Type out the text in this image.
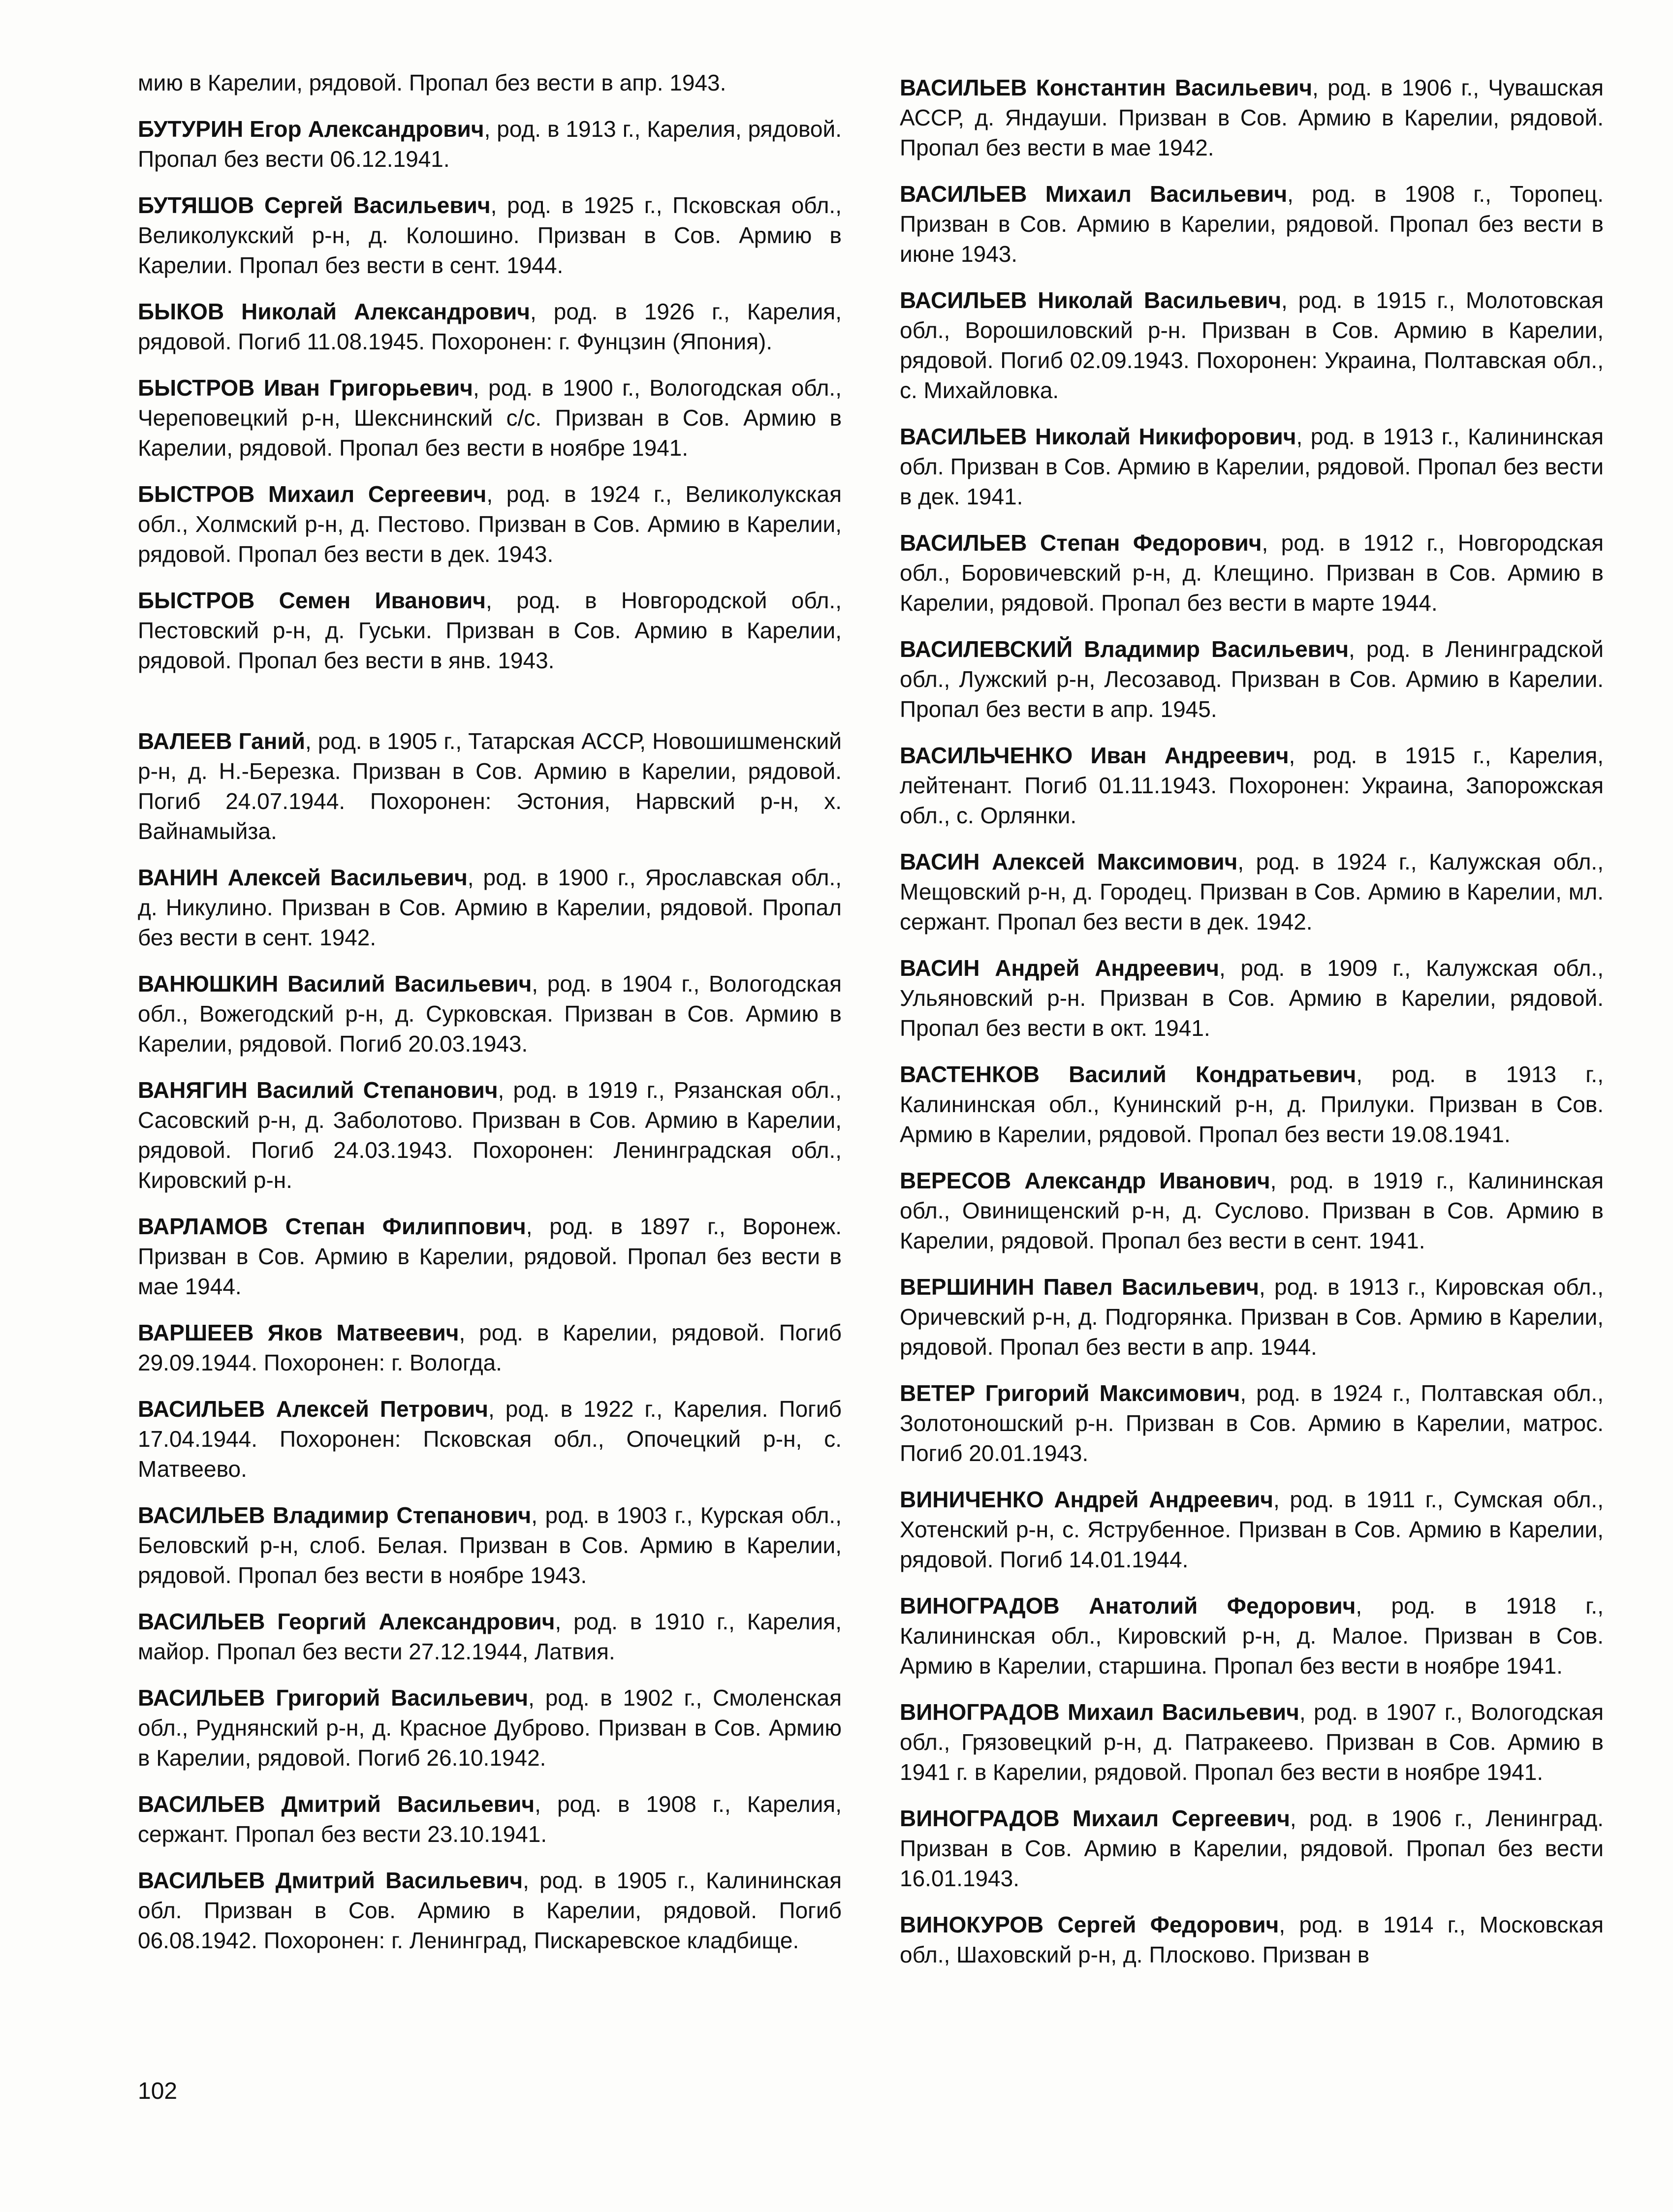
мию в Карелии, рядовой. Пропал без вести в апр. 1943.
БУТУРИН Егор Александрович, род. в 1913 г., Карелия, рядовой. Пропал без вести 06.12.1941.
БУТЯШОВ Сергей Васильевич, род. в 1925 г., Псковская обл., Великолукский р-н, д. Колошино. Призван в Сов. Армию в Карелии. Пропал без вести в сент. 1944.
БЫКОВ Николай Александрович, род. в 1926 г., Карелия, рядовой. Погиб 11.08.1945. Похоронен: г. Фунцзин (Япония).
БЫСТРОВ Иван Григорьевич, род. в 1900 г., Вологодская обл., Череповецкий р-н, Шекснинский с/с. Призван в Сов. Армию в Карелии, рядовой. Пропал без вести в ноябре 1941.
БЫСТРОВ Михаил Сергеевич, род. в 1924 г., Великолукская обл., Холмский р-н, д. Пестово. Призван в Сов. Армию в Карелии, рядовой. Пропал без вести в дек. 1943.
БЫСТРОВ Семен Иванович, род. в Новгородской обл., Пестовский р-н, д. Гуськи. Призван в Сов. Армию в Карелии, рядовой. Пропал без вести в янв. 1943.
ВАЛЕЕВ Ганий, род. в 1905 г., Татарская АССР, Новошишменский р-н, д. Н.-Березка. Призван в Сов. Армию в Карелии, рядовой. Погиб 24.07.1944. Похоронен: Эстония, Нарвский р-н, х. Вайнамыйза.
ВАНИН Алексей Васильевич, род. в 1900 г., Ярославская обл., д. Никулино. Призван в Сов. Армию в Карелии, рядовой. Пропал без вести в сент. 1942.
ВАНЮШКИН Василий Васильевич, род. в 1904 г., Вологодская обл., Вожегодский р-н, д. Сурковская. Призван в Сов. Армию в Карелии, рядовой. Погиб 20.03.1943.
ВАНЯГИН Василий Степанович, род. в 1919 г., Рязанская обл., Сасовский р-н, д. Заболотово. Призван в Сов. Армию в Карелии, рядовой. Погиб 24.03.1943. Похоронен: Ленинградская обл., Кировский р-н.
ВАРЛАМОВ Степан Филиппович, род. в 1897 г., Воронеж. Призван в Сов. Армию в Карелии, рядовой. Пропал без вести в мае 1944.
ВАРШЕЕВ Яков Матвеевич, род. в Карелии, рядовой. Погиб 29.09.1944. Похоронен: г. Вологда.
ВАСИЛЬЕВ Алексей Петрович, род. в 1922 г., Карелия. Погиб 17.04.1944. Похоронен: Псковская обл., Опочецкий р-н, с. Матвеево.
ВАСИЛЬЕВ Владимир Степанович, род. в 1903 г., Курская обл., Беловский р-н, слоб. Белая. Призван в Сов. Армию в Карелии, рядовой. Пропал без вести в ноябре 1943.
ВАСИЛЬЕВ Георгий Александрович, род. в 1910 г., Карелия, майор. Пропал без вести 27.12.1944, Латвия.
ВАСИЛЬЕВ Григорий Васильевич, род. в 1902 г., Смоленская обл., Руднянский р-н, д. Красное Дуброво. Призван в Сов. Армию в Карелии, рядовой. Погиб 26.10.1942.
ВАСИЛЬЕВ Дмитрий Васильевич, род. в 1908 г., Карелия, сержант. Пропал без вести 23.10.1941.
ВАСИЛЬЕВ Дмитрий Васильевич, род. в 1905 г., Калининская обл. Призван в Сов. Армию в Карелии, рядовой. Погиб 06.08.1942. Похоронен: г. Ленинград, Пискаревское кладбище.
ВАСИЛЬЕВ Константин Васильевич, род. в 1906 г., Чувашская АССР, д. Яндауши. Призван в Сов. Армию в Карелии, рядовой. Пропал без вести в мае 1942.
ВАСИЛЬЕВ Михаил Васильевич, род. в 1908 г., Торопец. Призван в Сов. Армию в Карелии, рядовой. Пропал без вести в июне 1943.
ВАСИЛЬЕВ Николай Васильевич, род. в 1915 г., Молотовская обл., Ворошиловский р-н. Призван в Сов. Армию в Карелии, рядовой. Погиб 02.09.1943. Похоронен: Украина, Полтавская обл., с. Михайловка.
ВАСИЛЬЕВ Николай Никифорович, род. в 1913 г., Калининская обл. Призван в Сов. Армию в Карелии, рядовой. Пропал без вести в дек. 1941.
ВАСИЛЬЕВ Степан Федорович, род. в 1912 г., Новгородская обл., Боровичевский р-н, д. Клещино. Призван в Сов. Армию в Карелии, рядовой. Пропал без вести в марте 1944.
ВАСИЛЕВСКИЙ Владимир Васильевич, род. в Ленинградской обл., Лужский р-н, Лесозавод. Призван в Сов. Армию в Карелии. Пропал без вести в апр. 1945.
ВАСИЛЬЧЕНКО Иван Андреевич, род. в 1915 г., Карелия, лейтенант. Погиб 01.11.1943. Похоронен: Украина, Запорожская обл., с. Орлянки.
ВАСИН Алексей Максимович, род. в 1924 г., Калужская обл., Мещовский р-н, д. Городец. Призван в Сов. Армию в Карелии, мл. сержант. Пропал без вести в дек. 1942.
ВАСИН Андрей Андреевич, род. в 1909 г., Калужская обл., Ульяновский р-н. Призван в Сов. Армию в Карелии, рядовой. Пропал без вести в окт. 1941.
ВАСТЕНКОВ Василий Кондратьевич, род. в 1913 г., Калининская обл., Кунинский р-н, д. Прилуки. Призван в Сов. Армию в Карелии, рядовой. Пропал без вести 19.08.1941.
ВЕРЕСОВ Александр Иванович, род. в 1919 г., Калининская обл., Овинищенский р-н, д. Суслово. Призван в Сов. Армию в Карелии, рядовой. Пропал без вести в сент. 1941.
ВЕРШИНИН Павел Васильевич, род. в 1913 г., Кировская обл., Оричевский р-н, д. Подгорянка. Призван в Сов. Армию в Карелии, рядовой. Пропал без вести в апр. 1944.
ВЕТЕР Григорий Максимович, род. в 1924 г., Полтавская обл., Золотоношский р-н. Призван в Сов. Армию в Карелии, матрос. Погиб 20.01.1943.
ВИНИЧЕНКО Андрей Андреевич, род. в 1911 г., Сумская обл., Хотенский р-н, с. Яструбенное. Призван в Сов. Армию в Карелии, рядовой. Погиб 14.01.1944.
ВИНОГРАДОВ Анатолий Федорович, род. в 1918 г., Калининская обл., Кировский р-н, д. Малое. Призван в Сов. Армию в Карелии, старшина. Пропал без вести в ноябре 1941.
ВИНОГРАДОВ Михаил Васильевич, род. в 1907 г., Вологодская обл., Грязовецкий р-н, д. Патракеево. Призван в Сов. Армию в 1941 г. в Карелии, рядовой. Пропал без вести в ноябре 1941.
ВИНОГРАДОВ Михаил Сергеевич, род. в 1906 г., Ленинград. Призван в Сов. Армию в Карелии, рядовой. Пропал без вести 16.01.1943.
ВИНОКУРОВ Сергей Федорович, род. в 1914 г., Московская обл., Шаховский р-н, д. Плосково. Призван в
102
